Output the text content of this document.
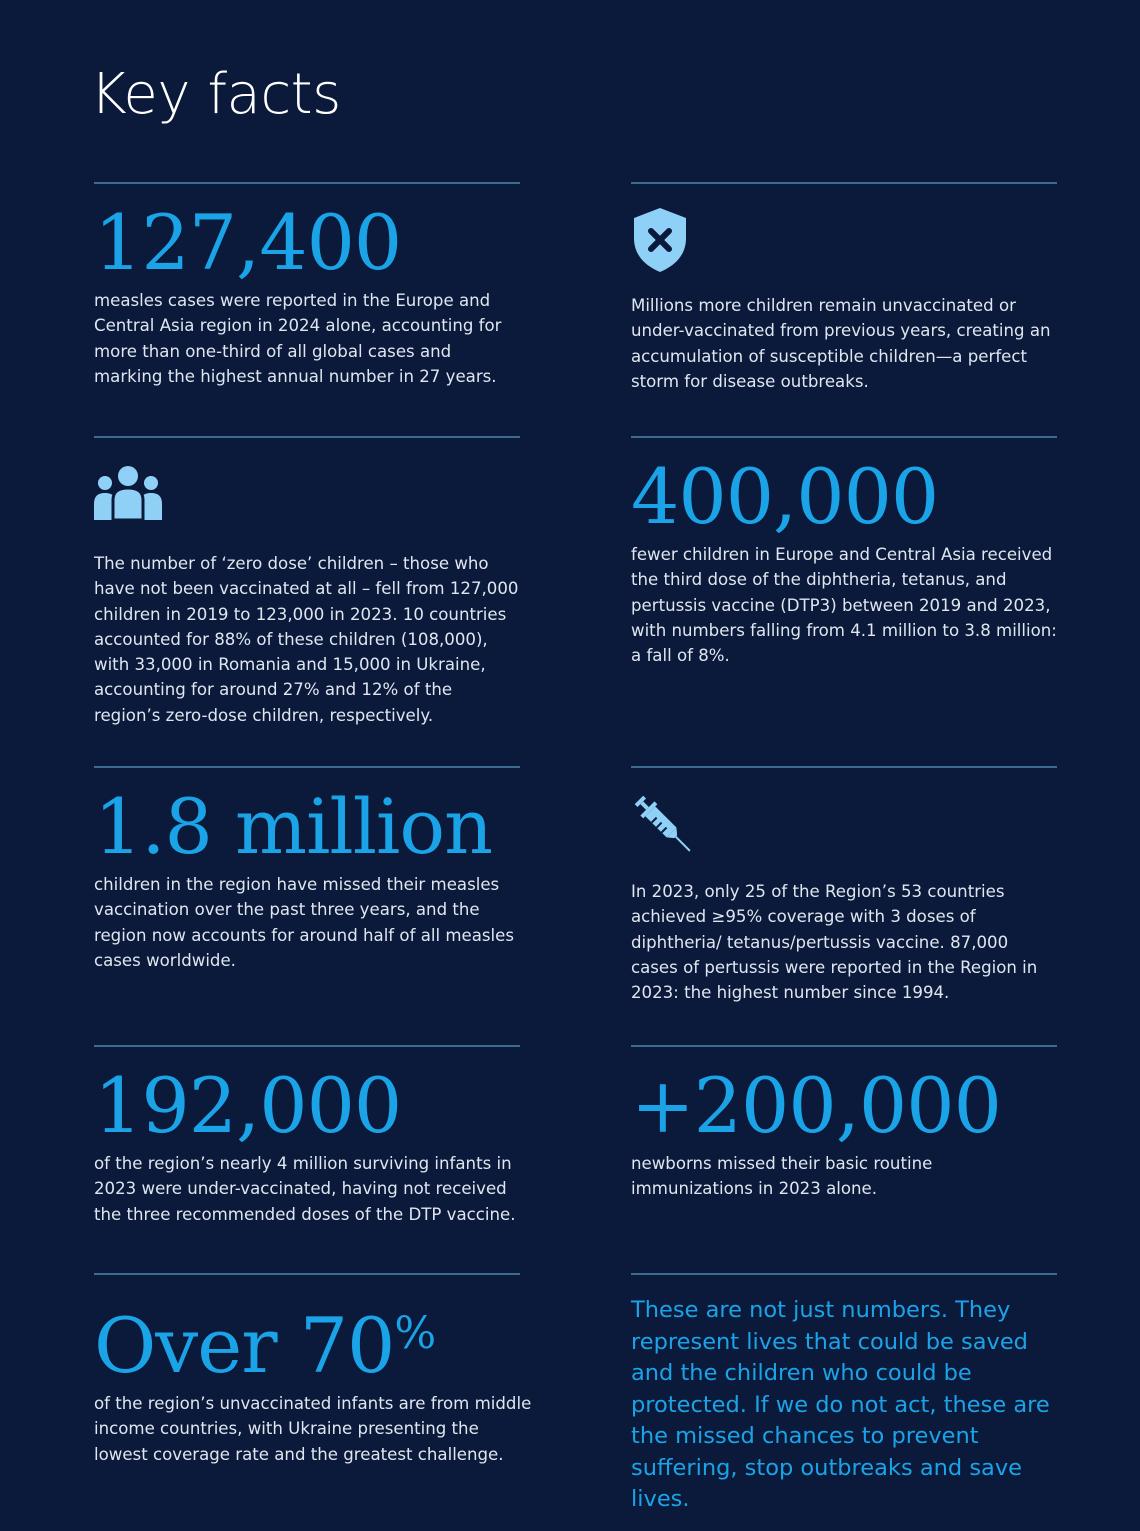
Key facts
127,400

measles cases were reported in the Europe and Central Asia region in 2024 alone, accounting for more than one-third of all global cases and marking the highest annual number in 27 years.

Millions more children remain unvaccinated or under-vaccinated from previous years, creating an accumulation of susceptible children—a perfect storm for disease outbreaks.

The number of ‘zero dose’ children – those who have not been vaccinated at all – fell from 127,000 children in 2019 to 123,000 in 2023. 10 countries accounted for 88% of these children (108,000), with 33,000 in Romania and 15,000 in Ukraine, accounting for around 27% and 12% of the region’s zero-dose children, respectively.

400,000

fewer children in Europe and Central Asia received the third dose of the diphtheria, tetanus, and pertussis vaccine (DTP3) between 2019 and 2023, with numbers falling from 4.1 million to 3.8 million: a fall of 8%.

1.8 million

children in the region have missed their measles vaccination over the past three years, and the region now accounts for around half of all measles cases worldwide.

In 2023, only 25 of the Region’s 53 countries achieved ≥95% coverage with 3 doses of diphtheria/ tetanus/pertussis vaccine. 87,000 cases of pertussis were reported in the Region in 2023: the highest number since 1994.

192,000

of the region’s nearly 4 million surviving infants in 2023 were under-vaccinated, having not received the three recommended doses of the DTP vaccine.

+200,000

newborns missed their basic routine immunizations in 2023 alone.

Over 70%

of the region’s unvaccinated infants are from middle income countries, with Ukraine presenting the lowest coverage rate and the greatest challenge.

These are not just numbers. They represent lives that could be saved and the children who could be protected. If we do not act, these are the missed chances to prevent suffering, stop outbreaks and save lives.
